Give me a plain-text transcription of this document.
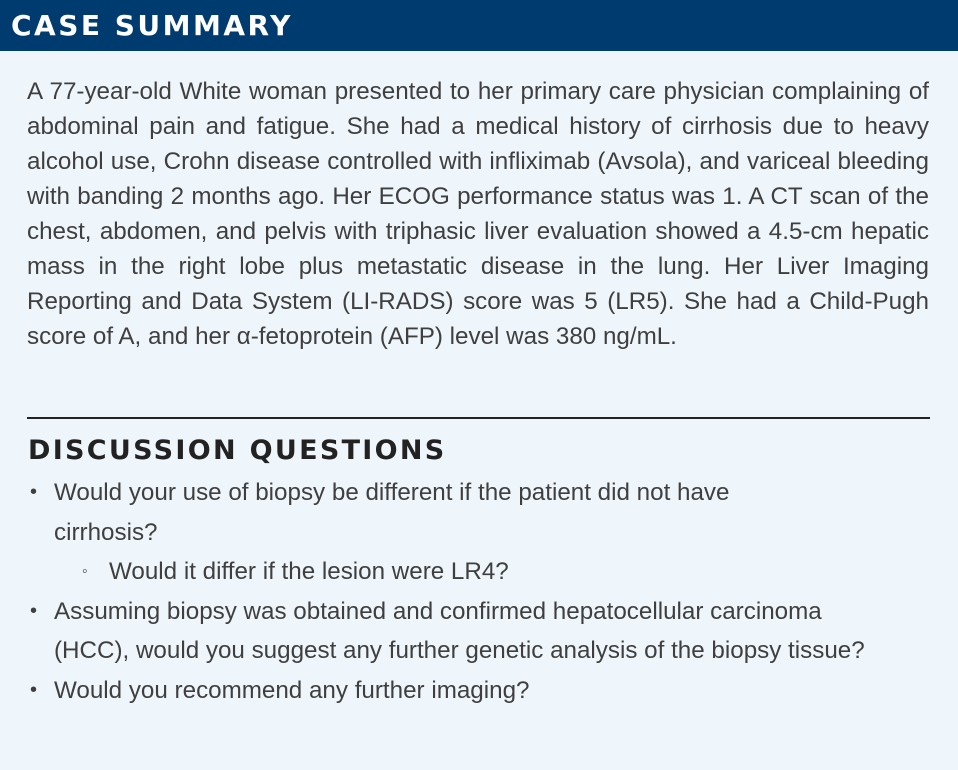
CASE SUMMARY

A 77-year-old White woman presented to her primary care physician complaining of abdominal pain and fatigue. She had a medical history of cirrhosis due to heavy alcohol use, Crohn disease controlled with infliximab (Avsola), and variceal bleeding with banding 2 months ago. Her ECOG performance status was 1. A CT scan of the chest, abdomen, and pelvis with triphasic liver evaluation showed a 4.5-cm hepatic mass in the right lobe plus metastatic disease in the lung. Her Liver Imaging Reporting and Data System (LI-RADS) score was 5 (LR5). She had a Child-Pugh score of A, and her α-fetoprotein (AFP) level was 380 ng/mL.

DISCUSSION QUESTIONS
• Would your use of biopsy be different if the patient did not have cirrhosis?
◦ Would it differ if the lesion were LR4?
• Assuming biopsy was obtained and confirmed hepatocellular carcinoma (HCC), would you suggest any further genetic analysis of the biopsy tissue?
• Would you recommend any further imaging?
